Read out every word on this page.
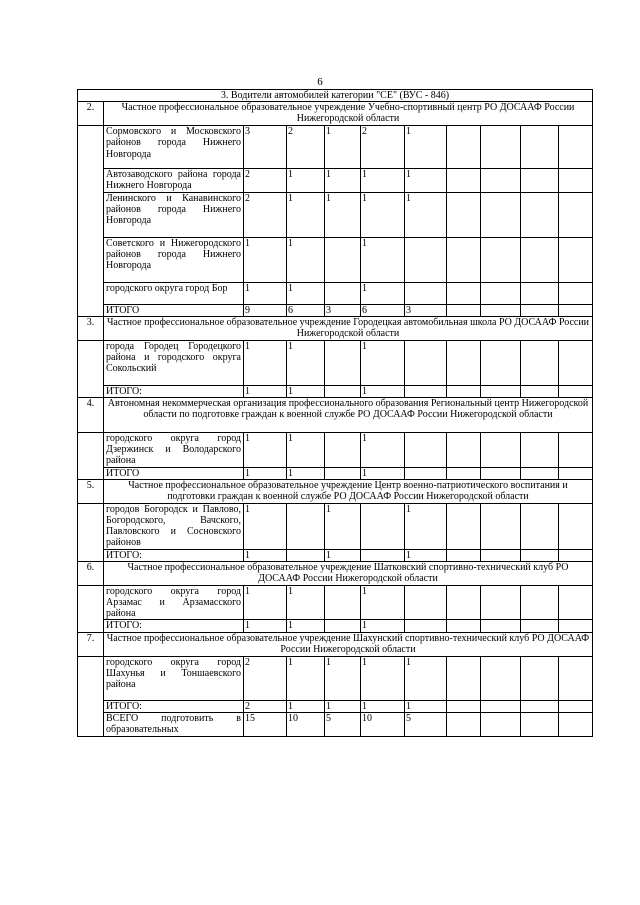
6
3. Водители автомобилей категории "СЕ" (ВУС - 846)										
2.	Частное профессиональное образовательное учреждение Учебно-спортивный центр РО ДОСААФ России Нижегородской области									
	Сормовского и Московского районов города Нижнего Новгорода	3	2	1	2	1				
	Автозаводского района города Нижнего Новгорода	2	1	1	1	1				
	Ленинского и Канавинского районов города Нижнего Новгорода	2	1	1	1	1				
	Советского и Нижегородского районов города Нижнего Новгорода	1	1		1					
	городского округа город Бор	1	1		1					
	ИТОГО	9	6	3	6	3				
3.	Частное профессиональное образовательное учреждение Городецкая автомобильная школа РО ДОСААФ России Нижегородской области									
	города Городец Городецкого района и городского округа Сокольский	1	1		1					
	ИТОГО:	1	1		1					
4.	Автономная некоммерческая организация профессионального образования Региональный центр Нижегородской области по подготовке граждан к военной службе РО ДОСААФ России Нижегородской области									
	городского округа город Дзержинск и Володарского района	1	1		1					
	ИТОГО	1	1		1					
5.	Частное профессиональное образовательное учреждение Центр военно-патриотического воспитания и подготовки граждан к военной службе РО ДОСААФ России Нижегородской области									
	городов Богородск и Павлово, Богородского, Вачского, Павловского и Сосновского районов	1		1		1				
	ИТОГО:	1		1		1				
6.	Частное профессиональное образовательное учреждение Шатковский спортивно-технический клуб РО ДОСААФ России Нижегородской области									
	городского округа город Арзамас и Арзамасского района	1	1		1					
	ИТОГО:	1	1		1					
7.	Частное профессиональное образовательное учреждение Шахунский спортивно-технический клуб РО ДОСААФ России Нижегородской области									
	городского округа город Шахунья и Тоншаевского района	2	1	1	1	1				
	ИТОГО:	2	1	1	1	1				
	ВСЕГО подготовить в образовательных	15	10	5	10	5				
